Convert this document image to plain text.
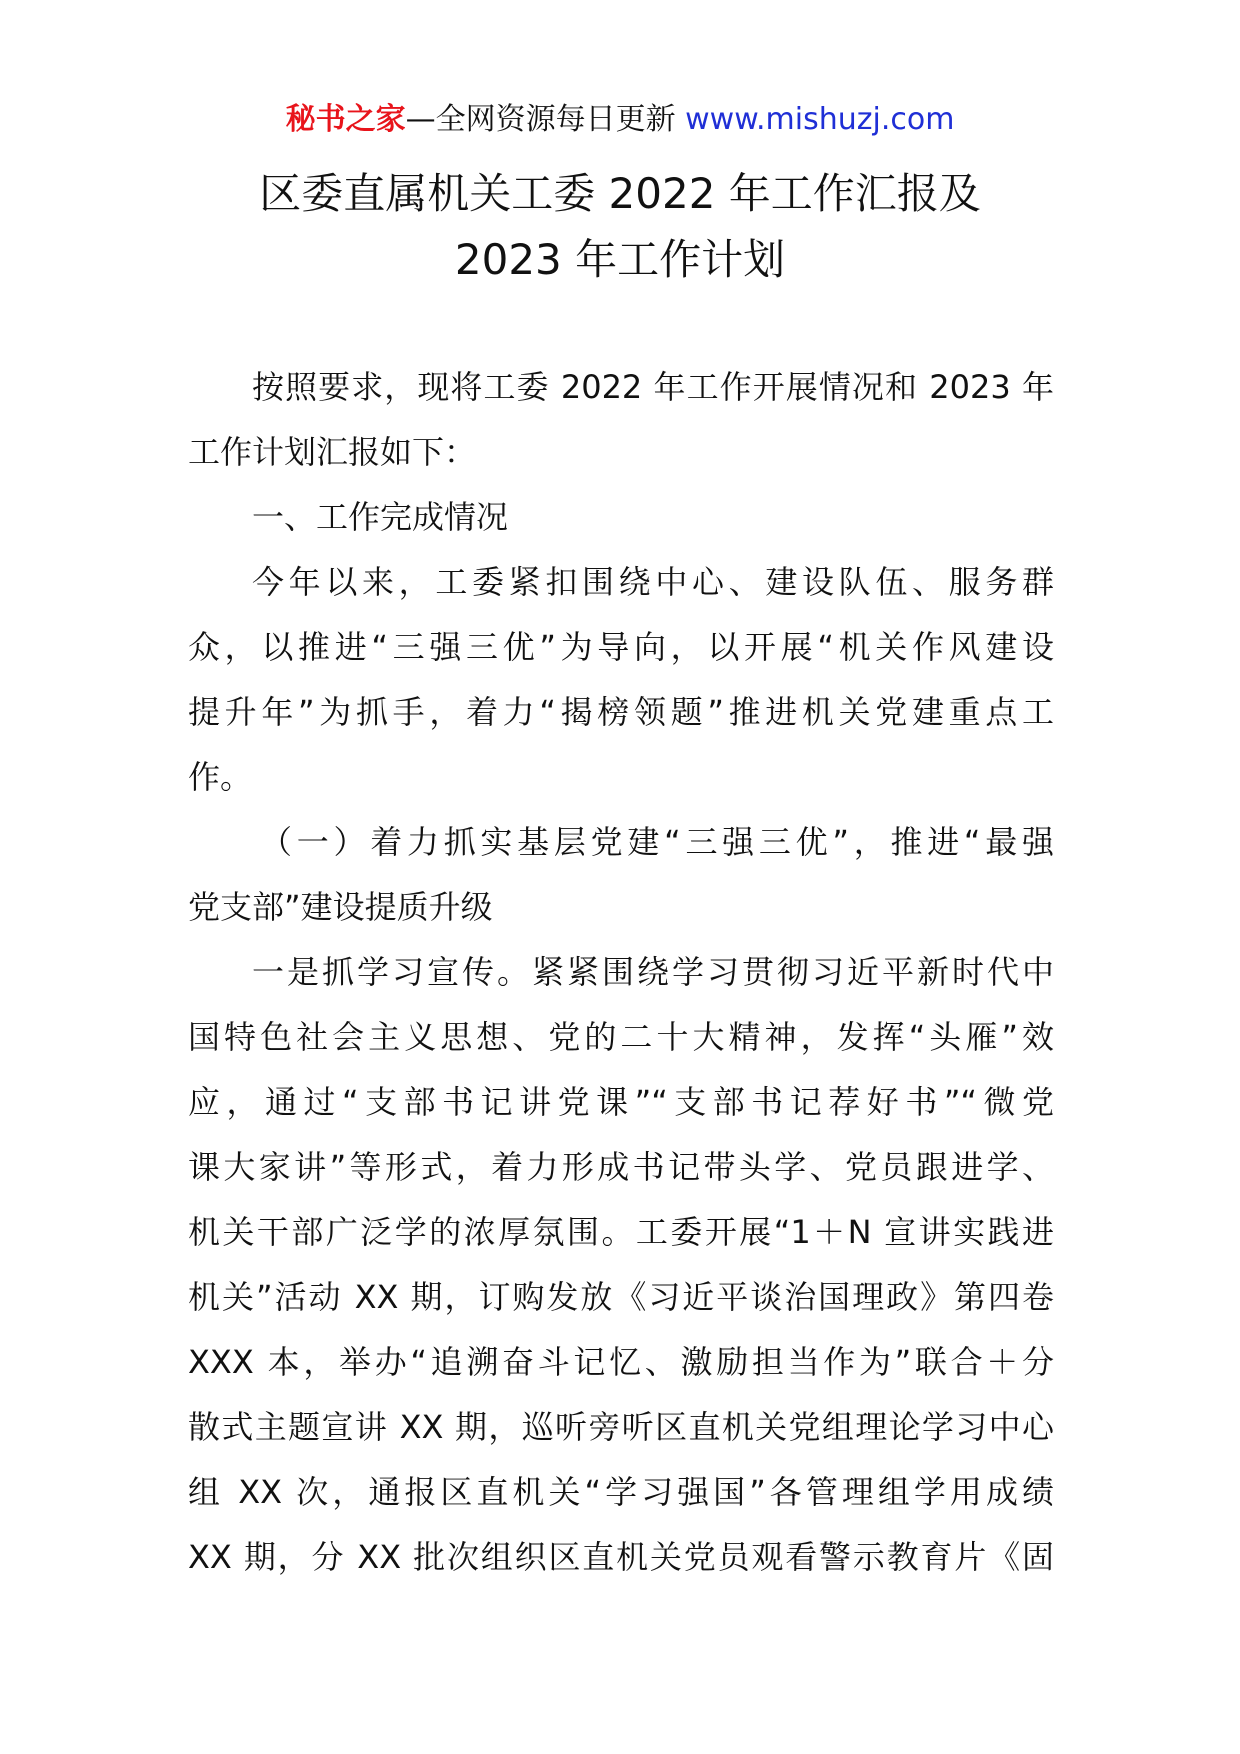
秘书之家—全网资源每日更新 www.mishuzj.com
区委直属机关工委 2022 年工作汇报及
2023 年工作计划
按照要求，现将工委 2022 年工作开展情况和 2023 年
工作计划汇报如下：
一、工作完成情况
今年以来，工委紧扣围绕中心、建设队伍、服务群
众，以推进“三强三优”为导向，以开展“机关作风建设
提升年”为抓手，着力“揭榜领题”推进机关党建重点工
作。
（一）着力抓实基层党建“三强三优”，推进“最强
党支部”建设提质升级
一是抓学习宣传。紧紧围绕学习贯彻习近平新时代中
国特色社会主义思想、党的二十大精神，发挥“头雁”效
应，通过“支部书记讲党课”“支部书记荐好书”“微党
课大家讲”等形式，着力形成书记带头学、党员跟进学、
机关干部广泛学的浓厚氛围。工委开展“1＋N 宣讲实践进
机关”活动 XX 期，订购发放《习近平谈治国理政》第四卷
XXX 本，举办“追溯奋斗记忆、激励担当作为”联合＋分
散式主题宣讲 XX 期，巡听旁听区直机关党组理论学习中心
组 XX 次，通报区直机关“学习强国”各管理组学用成绩
XX 期，分 XX 批次组织区直机关党员观看警示教育片《固
